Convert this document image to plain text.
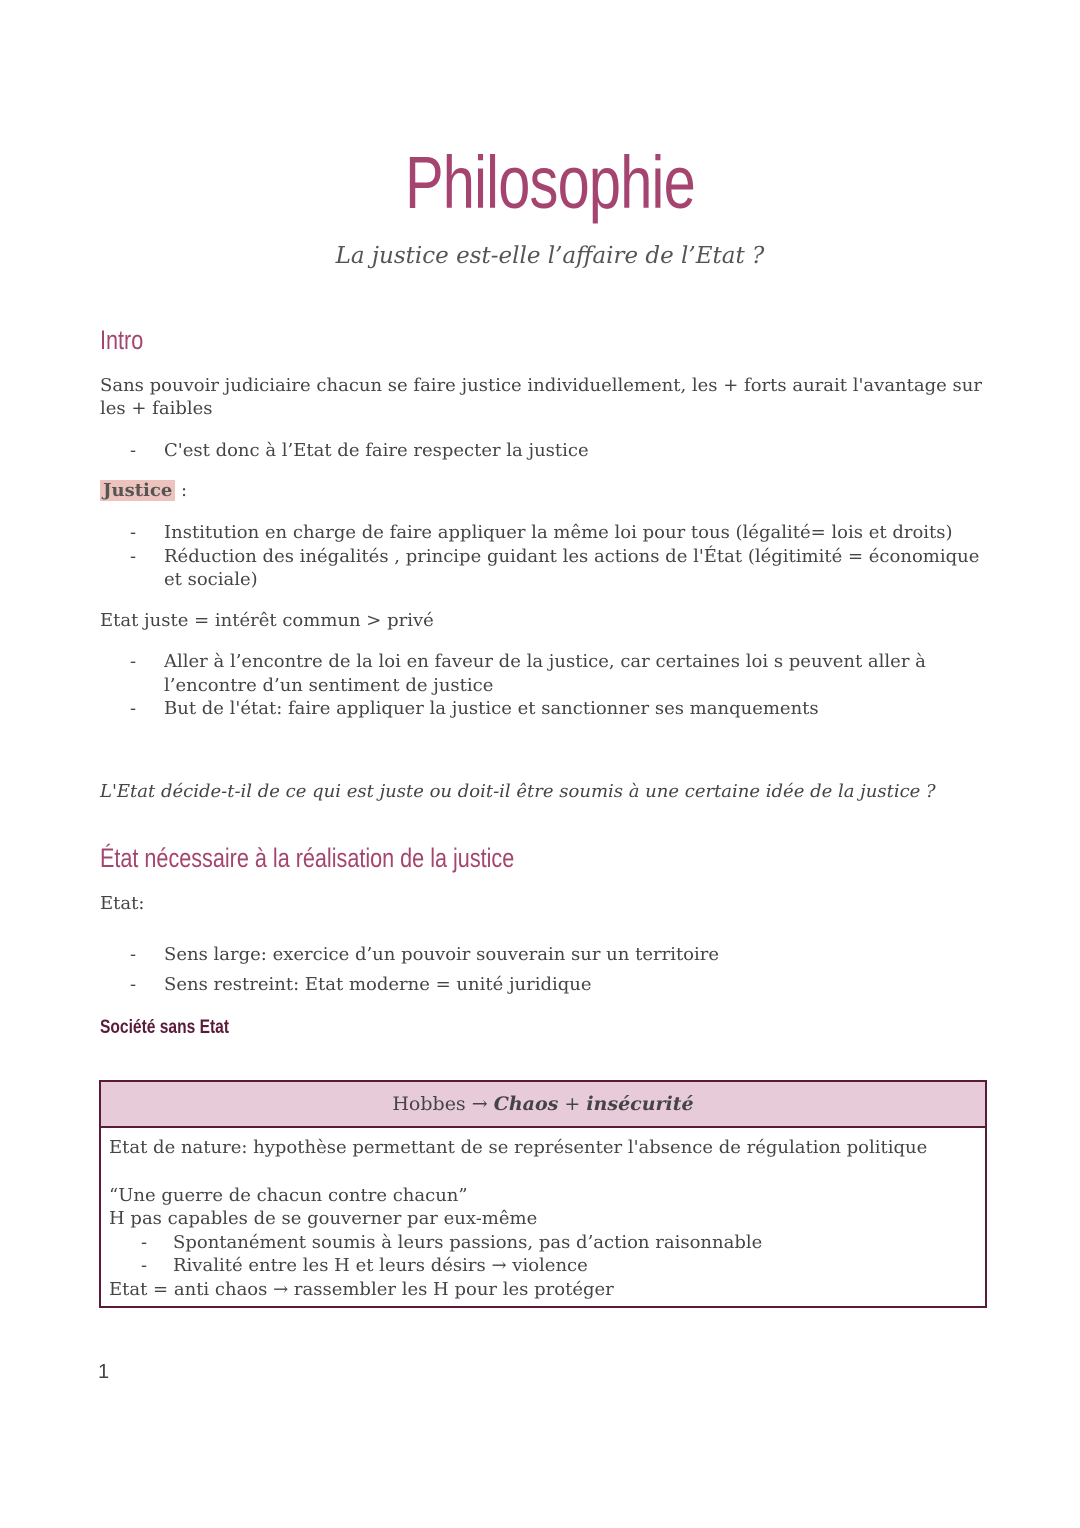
Philosophie
La justice est-elle l’affaire de l’Etat ?
Intro
Sans pouvoir judiciaire chacun se faire justice individuellement, les + forts aurait l'avantage sur les + faibles
- C'est donc à l’Etat de faire respecter la justice
Justice :
- Institution en charge de faire appliquer la même loi pour tous (légalité= lois et droits)
- Réduction des inégalités , principe guidant les actions de l'État (légitimité = économique et sociale)
Etat juste = intérêt commun > privé
- Aller à l’encontre de la loi en faveur de la justice, car certaines loi s peuvent aller à l’encontre d’un sentiment de justice
- But de l'état: faire appliquer la justice et sanctionner ses manquements
L'Etat décide-t-il de ce qui est juste ou doit-il être soumis à une certaine idée de la justice ?
État nécessaire à la réalisation de la justice
Etat:
- Sens large: exercice d’un pouvoir souverain sur un territoire
- Sens restreint: Etat moderne = unité juridique
Société sans Etat
Hobbes → Chaos + insécurité
Etat de nature: hypothèse permettant de se représenter l'absence de régulation politique
“Une guerre de chacun contre chacun”
H pas capables de se gouverner par eux-même
- Spontanément soumis à leurs passions, pas d’action raisonnable
- Rivalité entre les H et leurs désirs → violence
Etat = anti chaos → rassembler les H pour les protéger
1
